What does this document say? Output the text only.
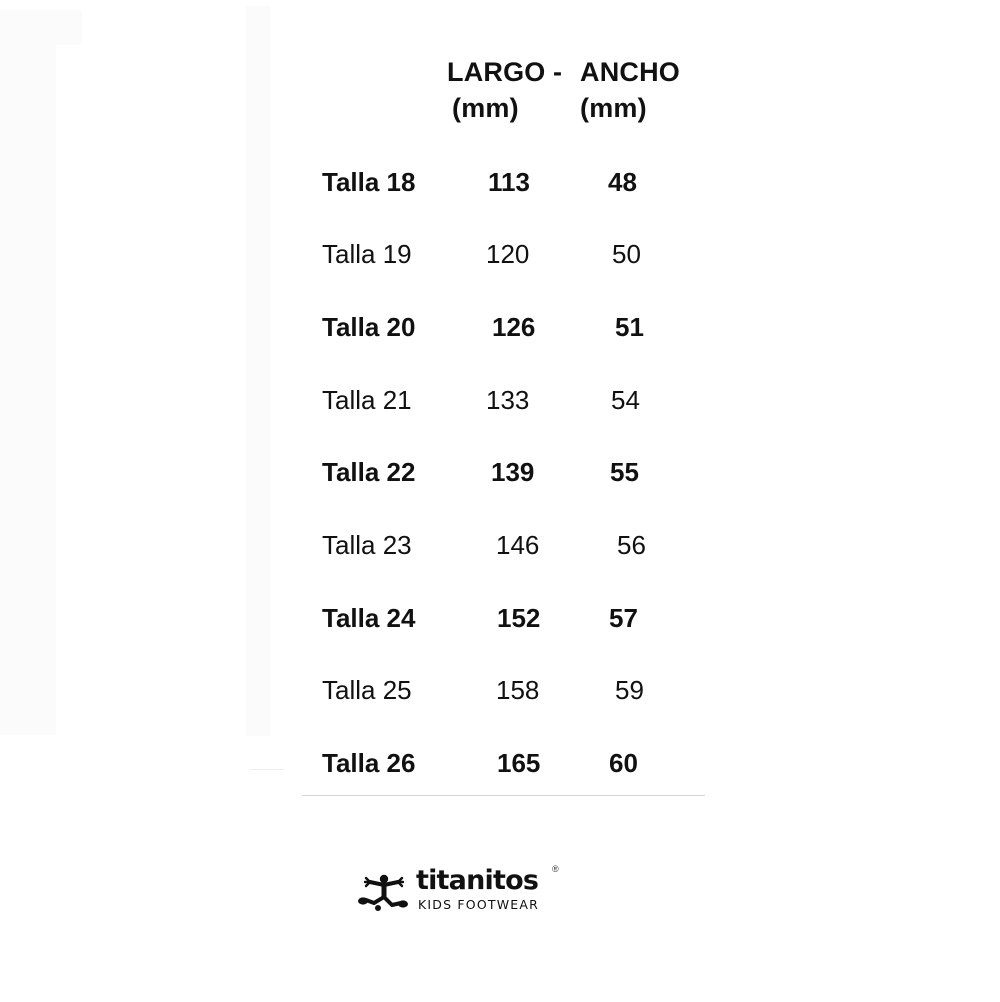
LARGO - ANCHO
(mm) (mm)
Talla 18	113	48
Talla 19	120	50
Talla 20	126	51
Talla 21	133	54
Talla 22	139	55
Talla 23	146	56
Talla 24	152	57
Talla 25	158	59
Talla 26	165	60
titanitos ®
KIDS FOOTWEAR
